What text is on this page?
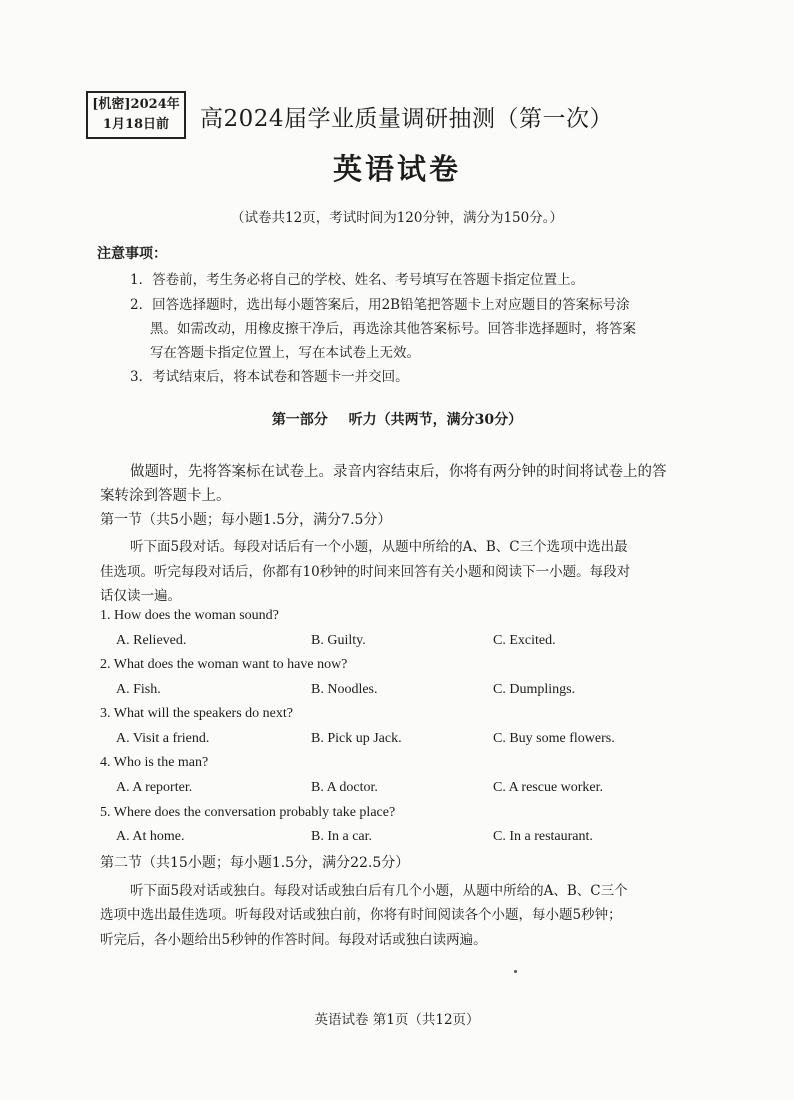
[机密]2024年
1月18日前	高2024届学业质量调研抽测（第一次）
英语试卷
（试卷共12页，考试时间为120分钟，满分为150分。）
注意事项：
1．答卷前，考生务必将自己的学校、姓名、考号填写在答题卡指定位置上。
2．回答选择题时，选出每小题答案后，用2B铅笔把答题卡上对应题目的答案标号涂
黑。如需改动，用橡皮擦干净后，再选涂其他答案标号。回答非选择题时，将答案
写在答题卡指定位置上，写在本试卷上无效。
3．考试结束后，将本试卷和答题卡一并交回。
第一部分 听力（共两节，满分30分）
做题时，先将答案标在试卷上。录音内容结束后，你将有两分钟的时间将试卷上的答
案转涂到答题卡上。
第一节（共5小题；每小题1.5分，满分7.5分）
听下面5段对话。每段对话后有一个小题，从题中所给的A、B、C三个选项中选出最
佳选项。听完每段对话后，你都有10秒钟的时间来回答有关小题和阅读下一小题。每段对
话仅读一遍。
1. How does the woman sound?
A. Relieved.	B. Guilty.	C. Excited.
2. What does the woman want to have now?
A. Fish.	B. Noodles.	C. Dumplings.
3. What will the speakers do next?
A. Visit a friend.	B. Pick up Jack.	C. Buy some flowers.
4. Who is the man?
A. A reporter.	B. A doctor.	C. A rescue worker.
5. Where does the conversation probably take place?
A. At home.	B. In a car.	C. In a restaurant.
第二节（共15小题；每小题1.5分，满分22.5分）
听下面5段对话或独白。每段对话或独白后有几个小题，从题中所给的A、B、C三个
选项中选出最佳选项。听每段对话或独白前，你将有时间阅读各个小题，每小题5秒钟；
听完后，各小题给出5秒钟的作答时间。每段对话或独白读两遍。
英语试卷 第1页（共12页）
